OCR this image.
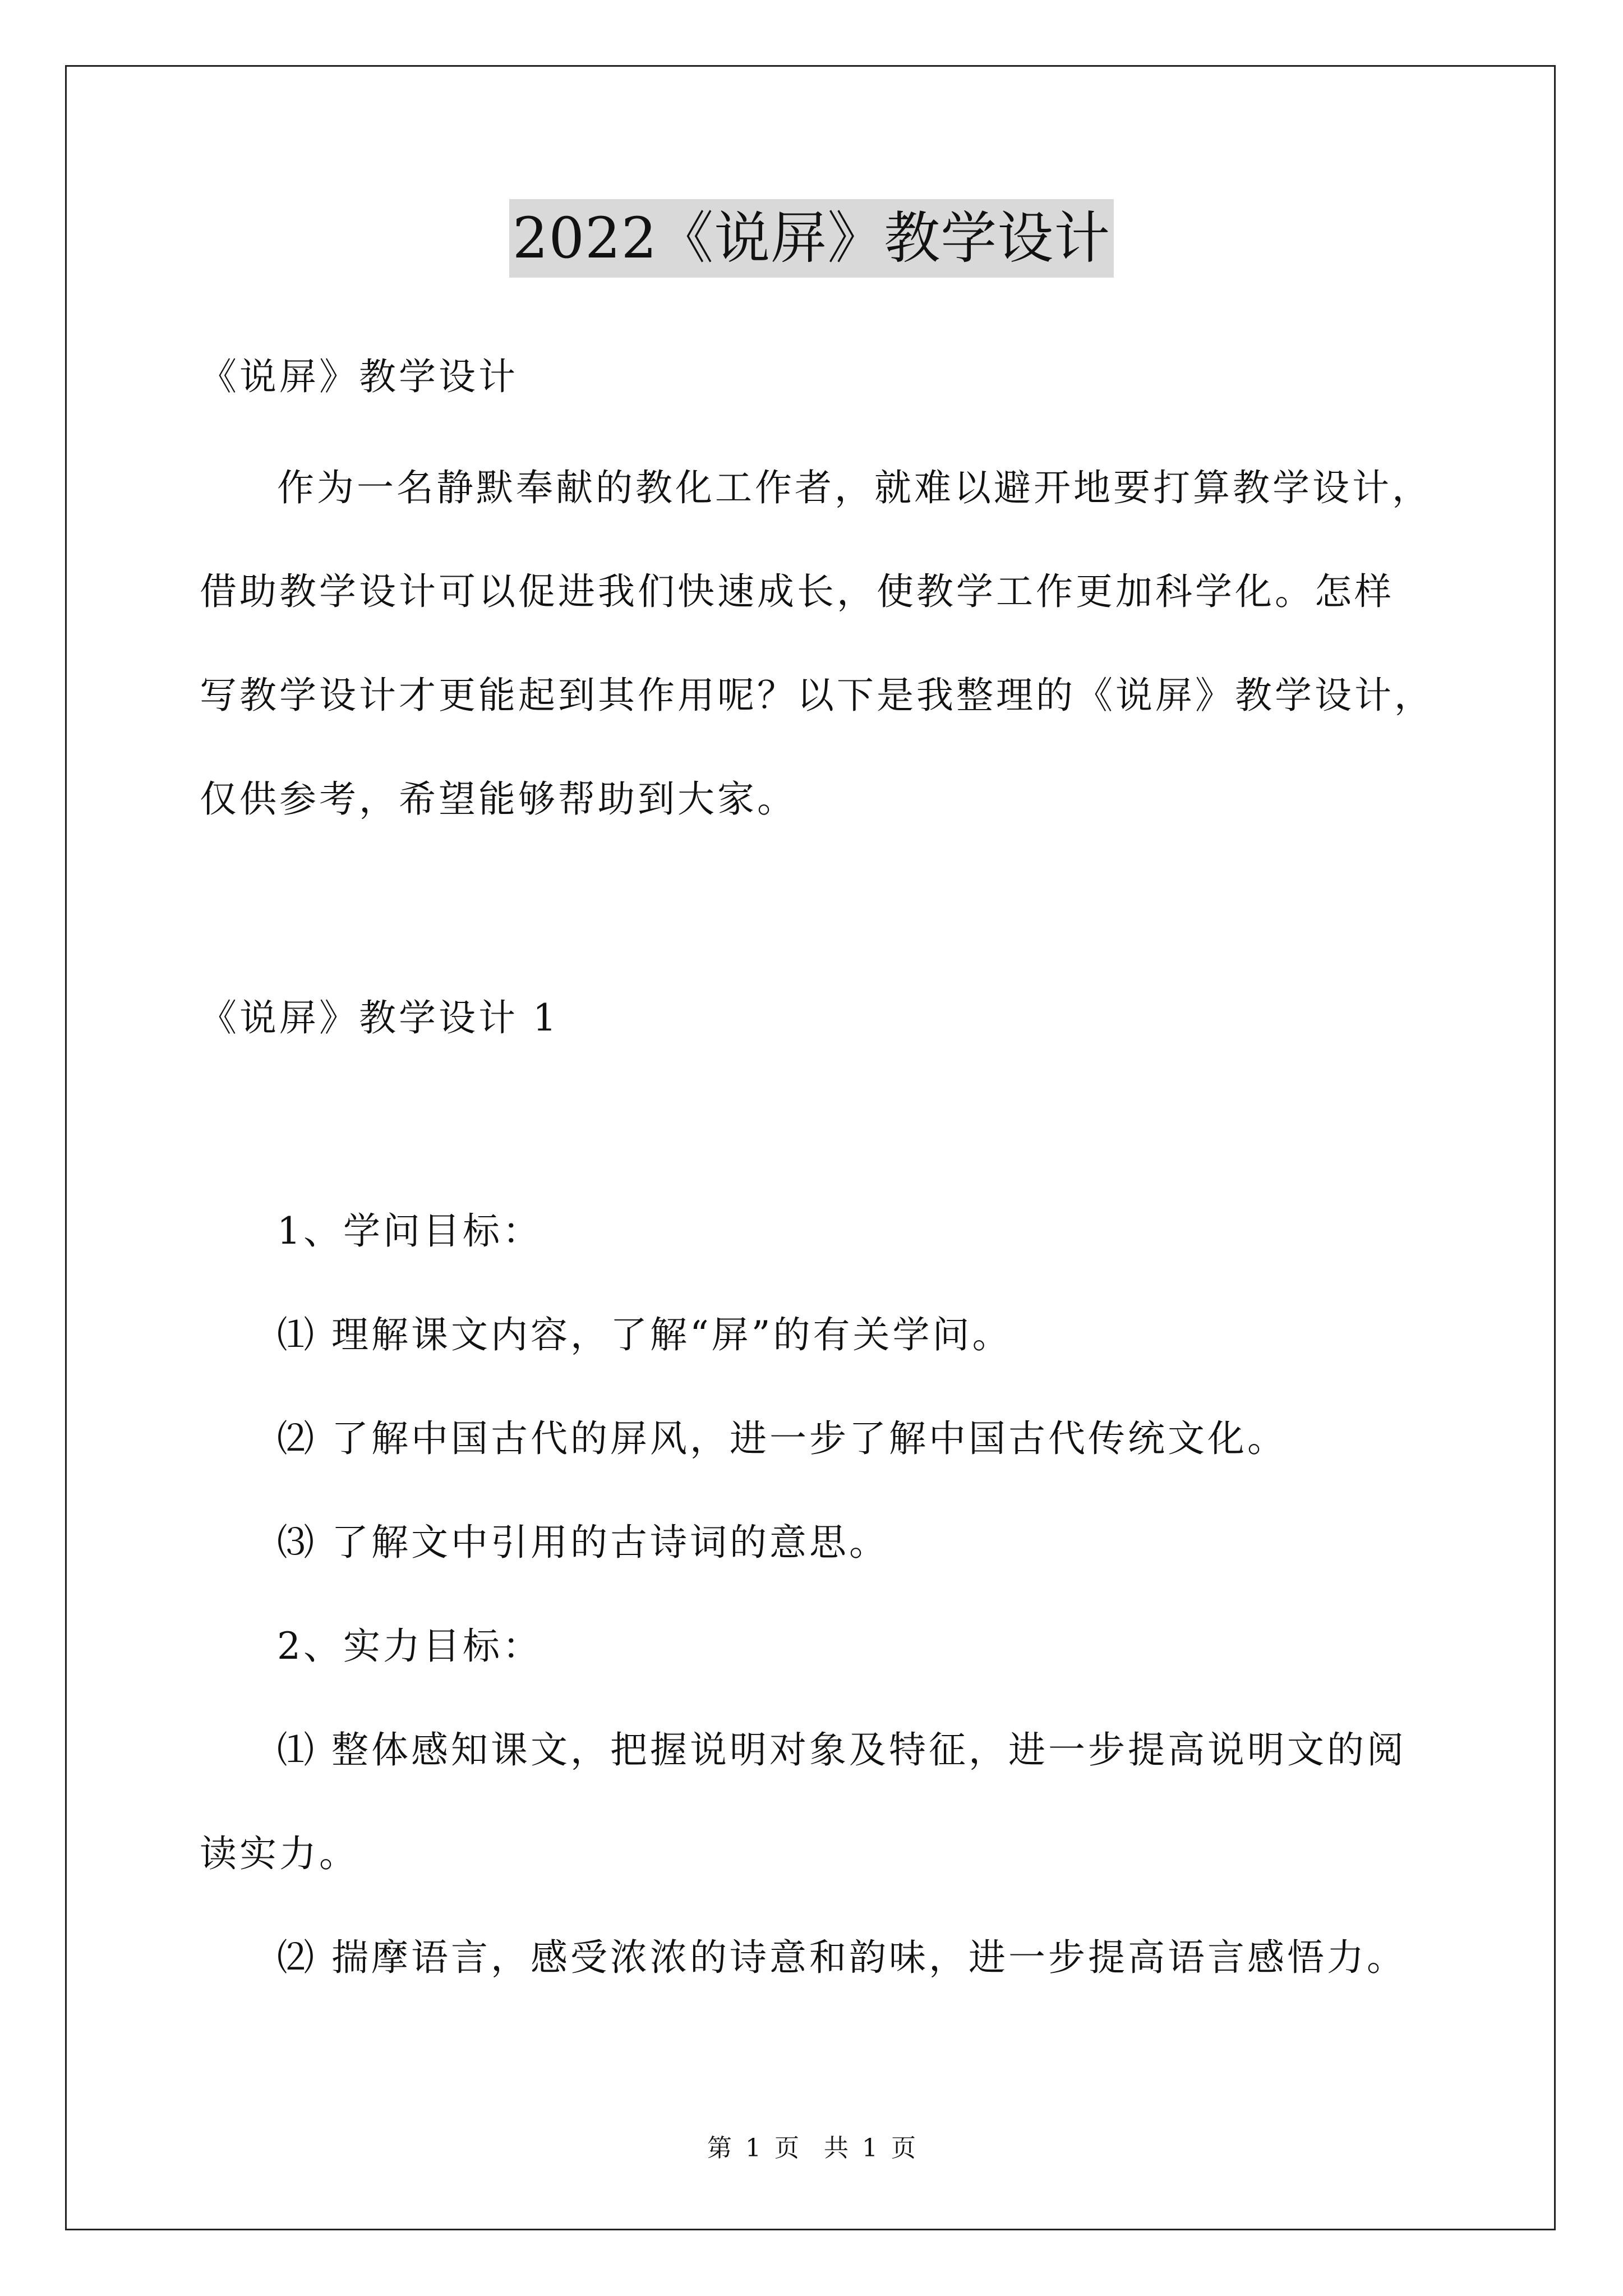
2022《说屏》教学设计
《说屏》教学设计
作为一名静默奉献的教化工作者，就难以避开地要打算教学设计，
借助教学设计可以促进我们快速成长，使教学工作更加科学化。怎样
写教学设计才更能起到其作用呢？以下是我整理的《说屏》教学设计，
仅供参考，希望能够帮助到大家。
《说屏》教学设计 1
1、学问目标：
⑴ 理解课文内容，了解“屏”的有关学问。
⑵ 了解中国古代的屏风，进一步了解中国古代传统文化。
⑶ 了解文中引用的古诗词的意思。
2、实力目标：
⑴ 整体感知课文，把握说明对象及特征，进一步提高说明文的阅
读实力。
⑵ 揣摩语言，感受浓浓的诗意和韵味，进一步提高语言感悟力。
第 1 页　共 1 页
